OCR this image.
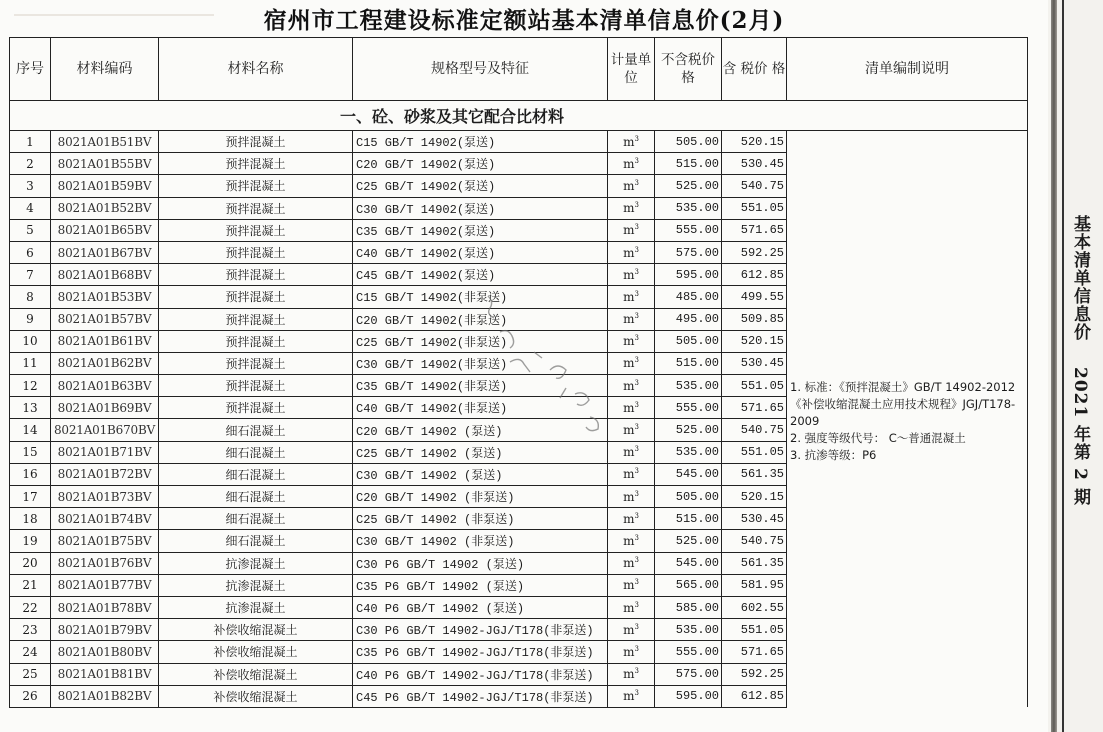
宿州市工程建设标准定额站基本清单信息价(2月)
序号	材料编码	材料名称	规格型号及特征	计量单位	不含税价 格	含 税价 格	清单编制说明
一、砼、砂浆及其它配合比材料							
1	8021A01B51BV	预拌混凝土	C15 GB/T 14902(泵送)	$m^3$	505.00	520.15	1. 标准：《预拌混凝土》GB/T 14902-2012
《补偿收缩混凝土应用技术规程》JGJ/T178-2009
2. 强度等级代号： C～普通混凝土
3. 抗渗等级：P6

2	8021A01B55BV	预拌混凝土	C20 GB/T 14902(泵送)	$m^3$	515.00	530.45	
3	8021A01B59BV	预拌混凝土	C25 GB/T 14902(泵送)	$m^3$	525.00	540.75	
4	8021A01B52BV	预拌混凝土	C30 GB/T 14902(泵送)	$m^3$	535.00	551.05	
5	8021A01B65BV	预拌混凝土	C35 GB/T 14902(泵送)	$m^3$	555.00	571.65	
6	8021A01B67BV	预拌混凝土	C40 GB/T 14902(泵送)	$m^3$	575.00	592.25	
7	8021A01B68BV	预拌混凝土	C45 GB/T 14902(泵送)	$m^3$	595.00	612.85	
8	8021A01B53BV	预拌混凝土	C15 GB/T 14902(非泵送)	$m^3$	485.00	499.55	
9	8021A01B57BV	预拌混凝土	C20 GB/T 14902(非泵送)	$m^3$	495.00	509.85	
10	8021A01B61BV	预拌混凝土	C25 GB/T 14902(非泵送)	$m^3$	505.00	520.15	
11	8021A01B62BV	预拌混凝土	C30 GB/T 14902(非泵送)	$m^3$	515.00	530.45	
12	8021A01B63BV	预拌混凝土	C35 GB/T 14902(非泵送)	$m^3$	535.00	551.05	
13	8021A01B69BV	预拌混凝土	C40 GB/T 14902(非泵送)	$m^3$	555.00	571.65	
14	8021A01B670BV	细石混凝土	C20 GB/T 14902 (泵送)	$m^3$	525.00	540.75	
15	8021A01B71BV	细石混凝土	C25 GB/T 14902 (泵送)	$m^3$	535.00	551.05	
16	8021A01B72BV	细石混凝土	C30 GB/T 14902 (泵送)	$m^3$	545.00	561.35	
17	8021A01B73BV	细石混凝土	C20 GB/T 14902 (非泵送)	$m^3$	505.00	520.15	
18	8021A01B74BV	细石混凝土	C25 GB/T 14902 (非泵送)	$m^3$	515.00	530.45	
19	8021A01B75BV	细石混凝土	C30 GB/T 14902 (非泵送)	$m^3$	525.00	540.75	
20	8021A01B76BV	抗渗混凝土	C30 P6 GB/T 14902 (泵送)	$m^3$	545.00	561.35	
21	8021A01B77BV	抗渗混凝土	C35 P6 GB/T 14902 (泵送)	$m^3$	565.00	581.95	
22	8021A01B78BV	抗渗混凝土	C40 P6 GB/T 14902 (泵送)	$m^3$	585.00	602.55	
23	8021A01B79BV	补偿收缩混凝土	C30 P6 GB/T 14902-JGJ/T178(非泵送)	$m^3$	535.00	551.05	
24	8021A01B80BV	补偿收缩混凝土	C35 P6 GB/T 14902-JGJ/T178(非泵送)	$m^3$	555.00	571.65	
25	8021A01B81BV	补偿收缩混凝土	C40 P6 GB/T 14902-JGJ/T178(非泵送)	$m^3$	575.00	592.25	
26	8021A01B82BV	补偿收缩混凝土	C45 P6 GB/T 14902-JGJ/T178(非泵送)	$m^3$	595.00	612.85	
基本清单信息价2021 年第 2 期
